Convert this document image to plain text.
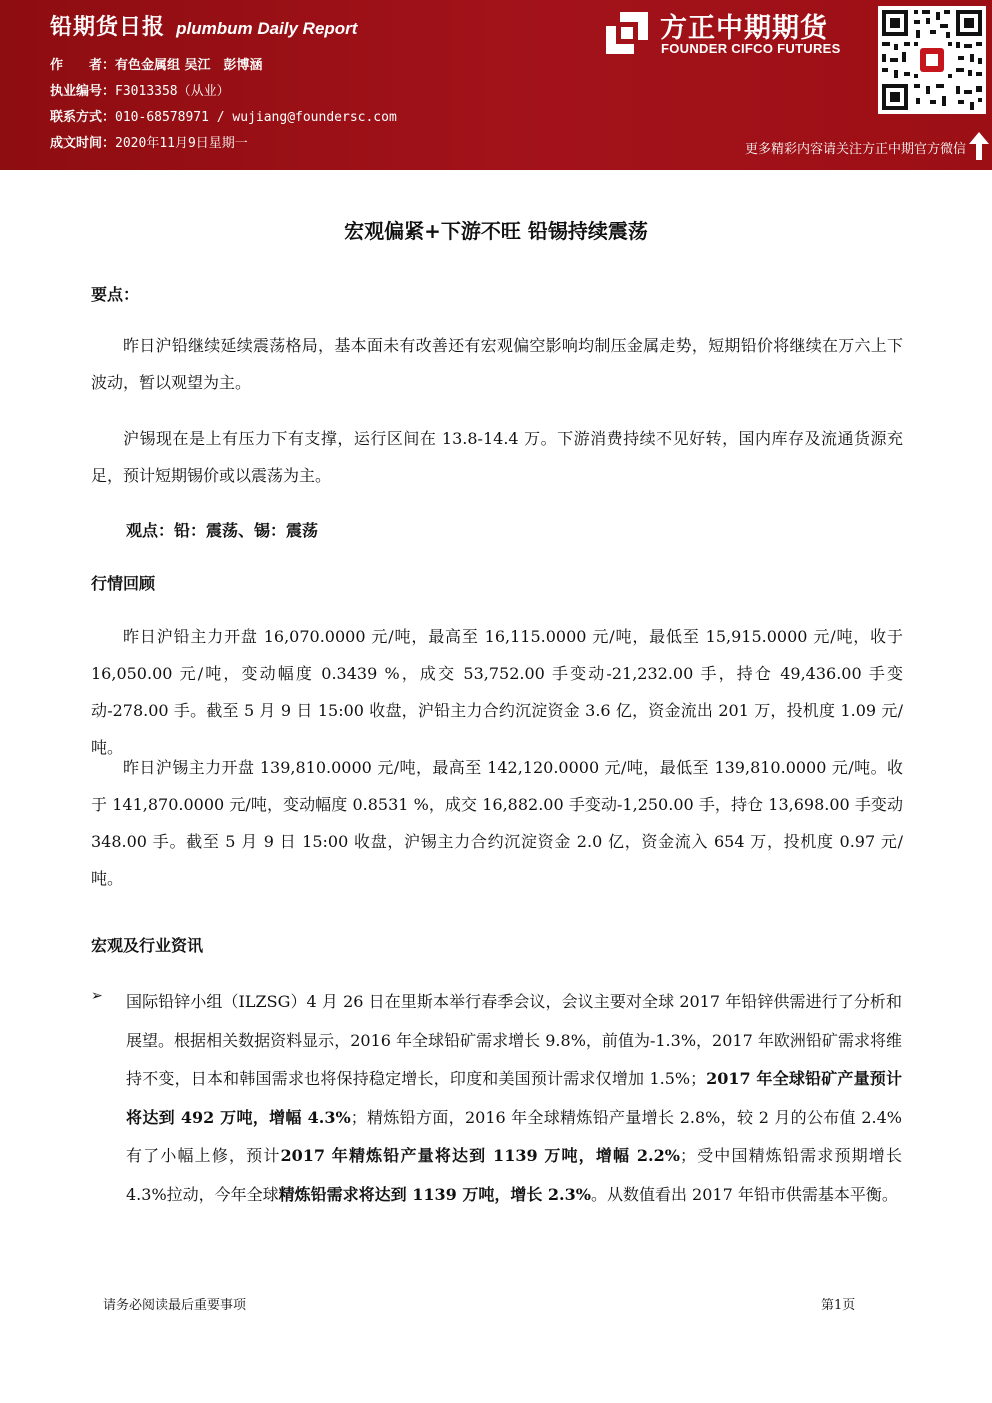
铅期货日报 plumbum Daily Report
作　　者：有色金属组 吴江　彭博涵
执业编号：F3013358（从业）
联系方式：010-68578971 / wujiang@foundersc.com
成文时间：2020年11月9日星期一
方正中期期货
FOUNDER CIFCO FUTURES
更多精彩内容请关注方正中期官方微信
宏观偏紧+下游不旺 铅锡持续震荡
要点：
昨日沪铅继续延续震荡格局，基本面未有改善还有宏观偏空影响均制压金属走势，短期铅价将继续在万六上下波动，暂以观望为主。
沪锡现在是上有压力下有支撑，运行区间在 13.8-14.4 万。下游消费持续不见好转，国内库存及流通货源充足，预计短期锡价或以震荡为主。
观点：铅：震荡、锡：震荡
行情回顾
昨日沪铅主力开盘 16,070.0000 元/吨，最高至 16,115.0000 元/吨，最低至 15,915.0000 元/吨，收于 16,050.00 元/吨，变动幅度 0.3439 %，成交 53,752.00 手变动-21,232.00 手，持仓 49,436.00 手变动-278.00 手。截至 5 月 9 日 15:00 收盘，沪铅主力合约沉淀资金 3.6 亿，资金流出 201 万，投机度 1.09 元/吨。
昨日沪锡主力开盘 139,810.0000 元/吨，最高至 142,120.0000 元/吨，最低至 139,810.0000 元/吨。收于 141,870.0000 元/吨，变动幅度 0.8531 %，成交 16,882.00 手变动-1,250.00 手，持仓 13,698.00 手变动 348.00 手。截至 5 月 9 日 15:00 收盘，沪锡主力合约沉淀资金 2.0 亿，资金流入 654 万，投机度 0.97 元/吨。
宏观及行业资讯
➢ 国际铅锌小组（ILZSG）4 月 26 日在里斯本举行春季会议，会议主要对全球 2017 年铅锌供需进行了分析和展望。根据相关数据资料显示，2016 年全球铅矿需求增长 9.8%，前值为-1.3%，2017 年欧洲铅矿需求将维持不变，日本和韩国需求也将保持稳定增长，印度和美国预计需求仅增加 1.5%；2017 年全球铅矿产量预计将达到 492 万吨，增幅 4.3%；精炼铅方面，2016 年全球精炼铅产量增长 2.8%，较 2 月的公布值 2.4%有了小幅上修，预计2017 年精炼铅产量将达到 1139 万吨，增幅 2.2%；受中国精炼铅需求预期增长 4.3%拉动，今年全球精炼铅需求将达到 1139 万吨，增长 2.3%。从数值看出 2017 年铅市供需基本平衡。
请务必阅读最后重要事项	第1页
